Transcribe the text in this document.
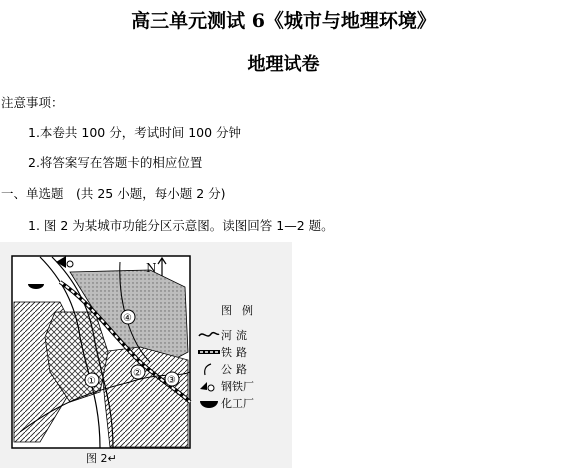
高三单元测试 6《城市与地理环境》
地理试卷
注意事项：
1.本卷共 100 分，考试时间 100 分钟
2.将答案写在答题卡的相应位置
一、单选题　(共 25 小题，每小题 2 分)
1. 图 2 为某城市功能分区示意图。读图回答 1—2 题。
N
④
②
③
①
图 2↵
图例
河流
铁路
公路
钢铁厂
化工厂
